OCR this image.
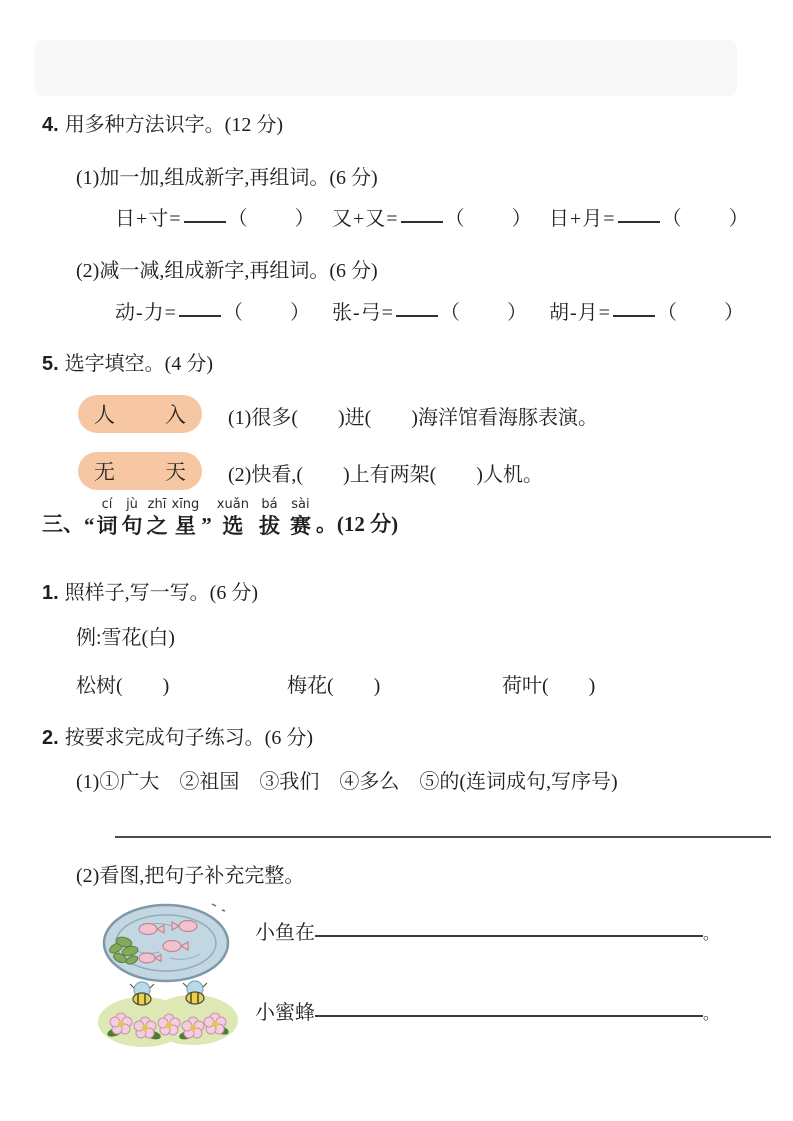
4. 用多种方法识字。(12 分)
(1)加一加,组成新字,再组词。(6 分)
日+寸= （ ） 又+又= （ ） 日+月= （ ）
(2)减一减,组成新字,再组词。(6 分)
动-力= （ ） 张-弓= （ ） 胡-月= （ ）
5. 选字填空。(4 分)
人 入 (1)很多(　　)进(　　)海洋馆看海豚表演。
无 天 (2)快看,(　　)上有两架(　　)人机。
三、 “
cí
词
jù
句
zhī
之
xīng
星 ”
xuǎn
选
bá
拔
sài
赛 。(12 分)
1. 照样子,写一写。(6 分)
例:雪花(白)
松树(　　)	梅花(　　)	荷叶(　　)
2. 按要求完成句子练习。(6 分)
(1)①广大　②祖国　③我们　④多么　⑤的(连词成句,写序号)
(2)看图,把句子补充完整。
小鱼在	。
小蜜蜂	。
